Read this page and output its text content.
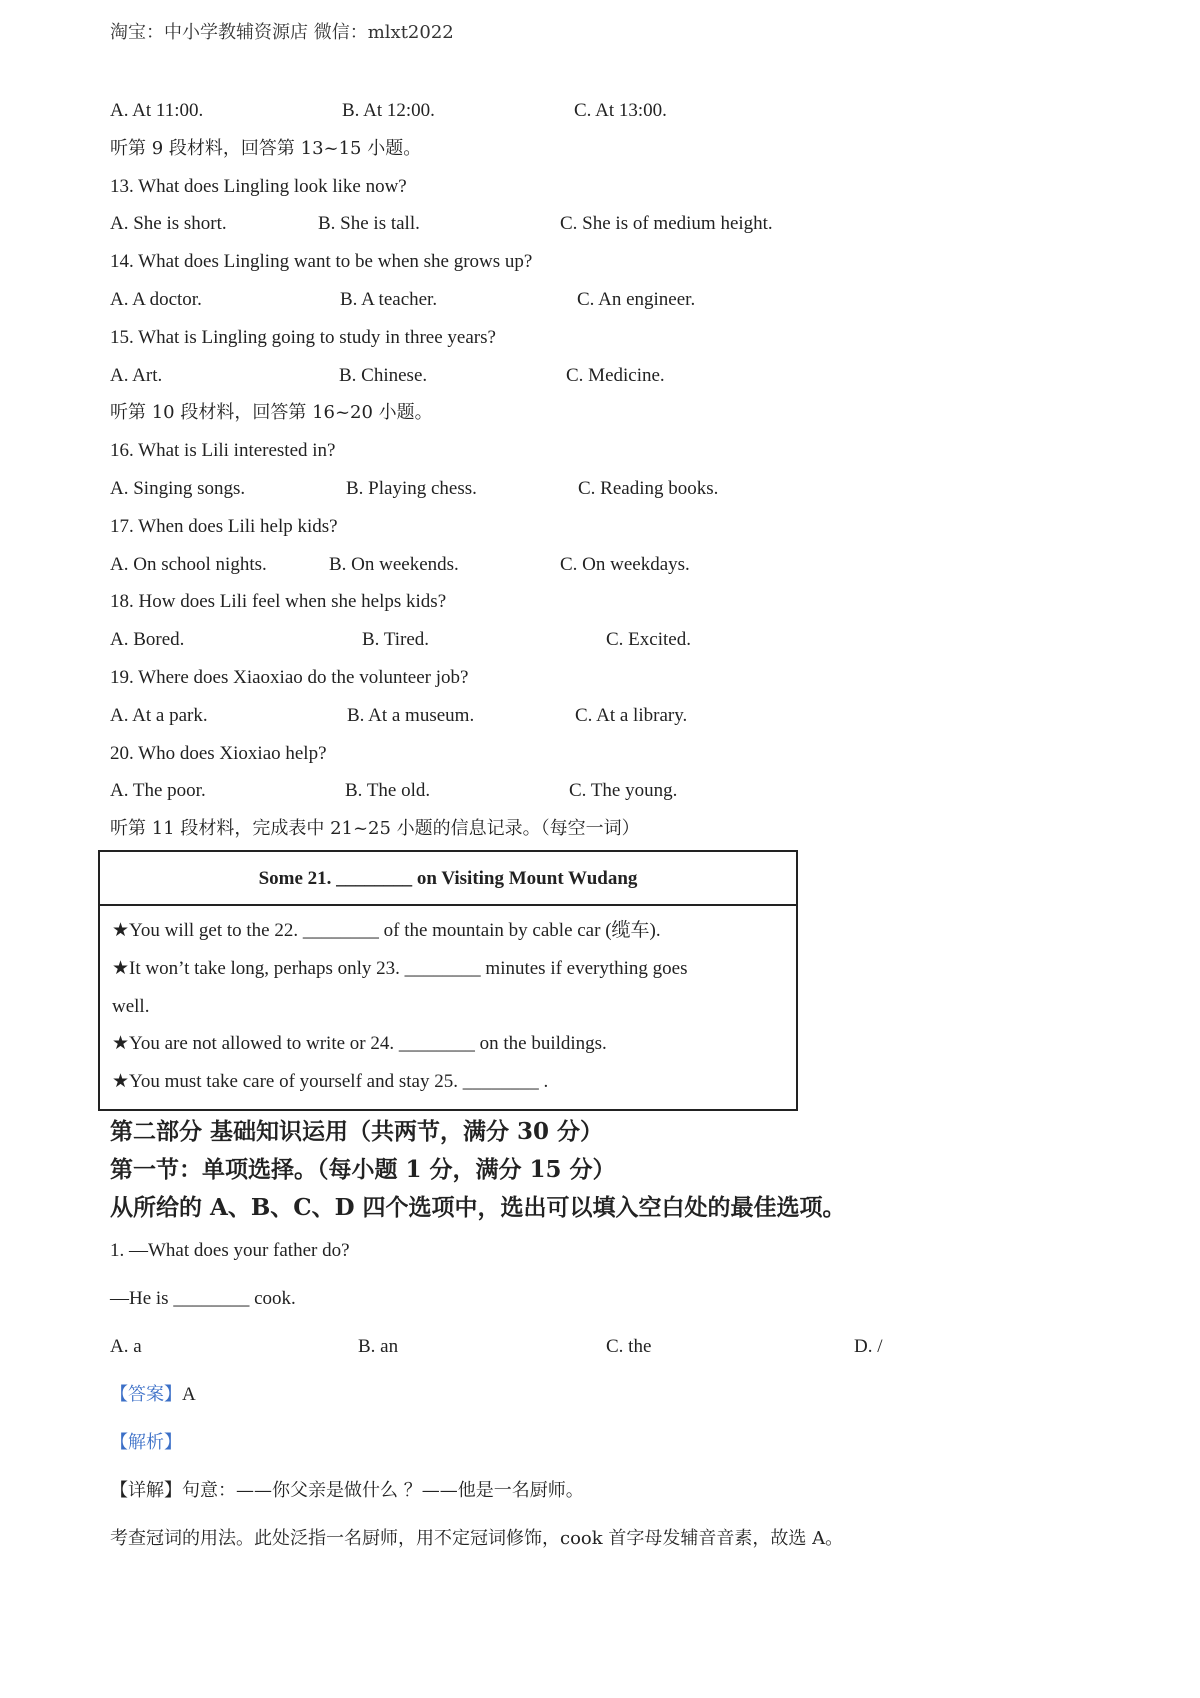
淘宝：中小学教辅资源店 微信：mlxt2022
A. At 11:00.	B. At 12:00.	C. At 13:00.
听第 9 段材料，回答第 13~15 小题。
13. What does Lingling look like now?
A. She is short.	B. She is tall.	C. She is of medium height.
14. What does Lingling want to be when she grows up?
A. A doctor.	B. A teacher.	C. An engineer.
15. What is Lingling going to study in three years?
A. Art.	B. Chinese.	C. Medicine.
听第 10 段材料，回答第 16~20 小题。
16. What is Lili interested in?
A. Singing songs.	B. Playing chess.	C. Reading books.
17. When does Lili help kids?
A. On school nights.	B. On weekends.	C. On weekdays.
18. How does Lili feel when she helps kids?
A. Bored.	B. Tired.	C. Excited.
19. Where does Xiaoxiao do the volunteer job?
A. At a park.	B. At a museum.	C. At a library.
20. Who does Xioxiao help?
A. The poor.	B. The old.	C. The young.
听第 11 段材料，完成表中 21~25 小题的信息记录。（每空一词）
Some 21. ________ on Visiting Mount Wudang
★You will get to the 22. ________ of the mountain by cable car (缆车).
★It won’t take long, perhaps only 23. ________ minutes if everything goes
well.
★You are not allowed to write or 24. ________ on the buildings.
★You must take care of yourself and stay 25. ________ .
第二部分 基础知识运用（共两节，满分 30 分）
第一节：单项选择。（每小题 1 分，满分 15 分）
从所给的 A、B、C、D 四个选项中，选出可以填入空白处的最佳选项。
1. —What does your father do?
—He is ________ cook.
A. a	B. an	C. the	D. /
【答案】A
【解析】
【详解】句意：——你父亲是做什么 ？——他是一名厨师。
考查冠词的用法。此处泛指一名厨师，用不定冠词修饰，cook 首字母发辅音音素，故选 A。
